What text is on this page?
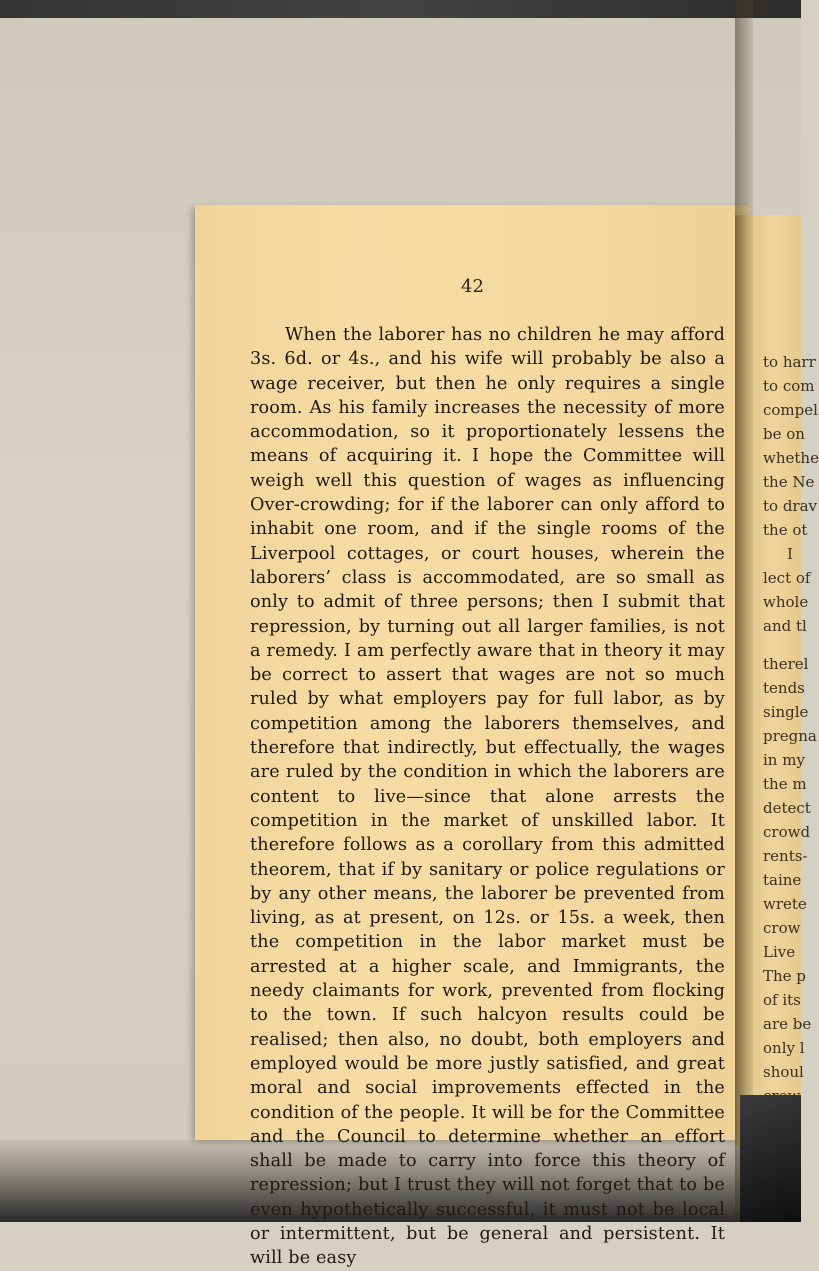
42

When the laborer has no children he may afford 3s. 6d. or 4s., and his wife will probably be also a wage receiver, but then he only requires a single room. As his family increases the necessity of more accommodation, so it proportionately lessens the means of acquiring it. I hope the Committee will weigh well this question of wages as influencing Over-crowding; for if the laborer can only afford to inhabit one room, and if the single rooms of the Liverpool cottages, or court houses, wherein the laborers’ class is accommodated, are so small as only to admit of three persons; then I submit that repression, by turning out all larger families, is not a remedy. I am perfectly aware that in theory it may be correct to assert that wages are not so much ruled by what employers pay for full labor, as by competition among the laborers themselves, and therefore that indirectly, but effectually, the wages are ruled by the condition in which the laborers are content to live—since that alone arrests the competition in the market of unskilled labor. It therefore follows as a corollary from this admitted theorem, that if by sanitary or police regulations or by any other means, the laborer be prevented from living, as at present, on 12s. or 15s. a week, then the competition in the labor market must be arrested at a higher scale, and Immigrants, the needy claimants for work, prevented from flocking to the town. If such halcyon results could be realised; then also, no doubt, both employers and employed would be more justly satisfied, and great moral and social improvements effected in the condition of the people. It will be for the Committee and the Council to determine whether an effort shall be made to carry into force this theory of repression; but I trust they will not forget that to be even hypothetically successful, it must not be local or intermittent, but be general and persistent. It will be easy

to harr
to com
compel
be on
whethe
the Ne
to drav
the ot
I
lect of
whole
and tl
therel
tends
single
pregna
in my
the m
detect
crowd
rents-
taine
wrete
crow
Live
The p
of its
are be
only l
shoul
